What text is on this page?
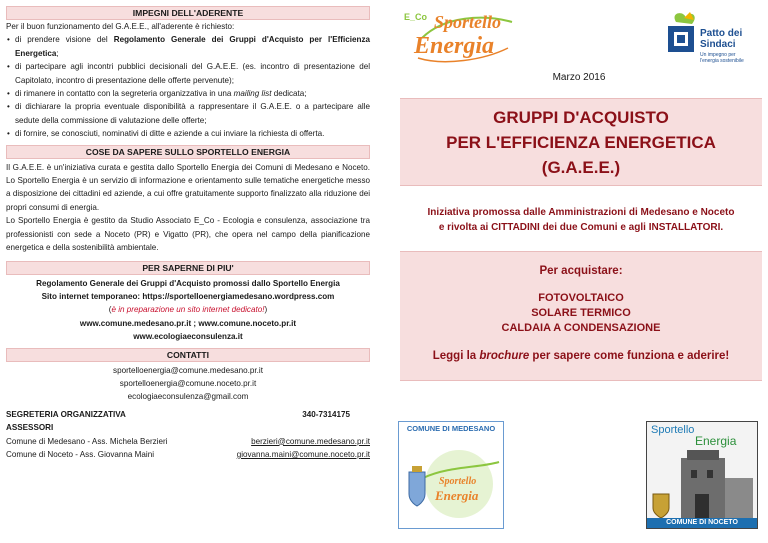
IMPEGNI DELL'ADERENTE
Per il buon funzionamento del G.A.E.E., all'aderente è richiesto:
• di prendere visione del Regolamento Generale dei Gruppi d'Acquisto per l'Efficienza Energetica;
• di partecipare agli incontri pubblici decisionali del G.A.E.E. (es. incontro di presentazione del Capitolato, incontro di presentazione delle offerte pervenute);
• di rimanere in contatto con la segreteria organizzativa in una mailing list dedicata;
• di dichiarare la propria eventuale disponibilità a rappresentare il G.A.E.E. o a partecipare alle sedute della commissione di valutazione delle offerte;
• di fornire, se conosciuti, nominativi di ditte e aziende a cui inviare la richiesta di offerta.
COSE DA SAPERE SULLO SPORTELLO ENERGIA
Il G.A.E.E. è un'iniziativa curata e gestita dallo Sportello Energia dei Comuni di Medesano e Noceto. Lo Sportello Energia è un servizio di informazione e orientamento sulle tematiche energetiche messo a disposizione dei cittadini ed aziende, a cui offre gratuitamente supporto finalizzato alla riduzione dei propri consumi di energia.
Lo Sportello Energia è gestito da Studio Associato E_Co - Ecologia e consulenza, associazione tra professionisti con sede a Noceto (PR) e Vigatto (PR), che opera nel campo della pianificazione energetica e della sostenibilità ambientale.
PER SAPERNE DI PIU'
Regolamento Generale dei Gruppi d'Acquisto promossi dallo Sportello Energia
Sito internet temporaneo: https://sportelloenergiamedesano.wordpress.com
(è in preparazione un sito internet dedicato!)
www.comune.medesano.pr.it ; www.comune.noceto.pr.it
www.ecologiaeconsulenza.it
CONTATTI
sportelloenergia@comune.medesano.pr.it
sportelloenergia@comune.noceto.pr.it
ecologiaeconsulenza@gmail.com
SEGRETERIA ORGANIZZATIVA	340-7314175
ASSESSORI
Comune di Medesano - Ass. Michela Berzieri	berzieri@comune.medesano.pr.it
Comune di Noceto - Ass. Giovanna Maini	giovanna.maini@comune.noceto.pr.it
E_Co Sportello
Energia	Patto dei
Sindaci
Un impegno per
l'energia sostenibile
Marzo 2016
GRUPPI D'ACQUISTO
PER L'EFFICIENZA ENERGETICA
(G.A.E.E.)
Iniziativa promossa dalle Amministrazioni di Medesano e Noceto
e rivolta ai CITTADINI dei due Comuni e agli INSTALLATORI.
Per acquistare:
FOTOVOLTAICO
SOLARE TERMICO
CALDAIA A CONDENSAZIONE
Leggi la brochure per sapere come funziona e aderire!
COMUNE DI MEDESANO
Sportello
Energia
Sportello
Energia
COMUNE DI NOCETO
